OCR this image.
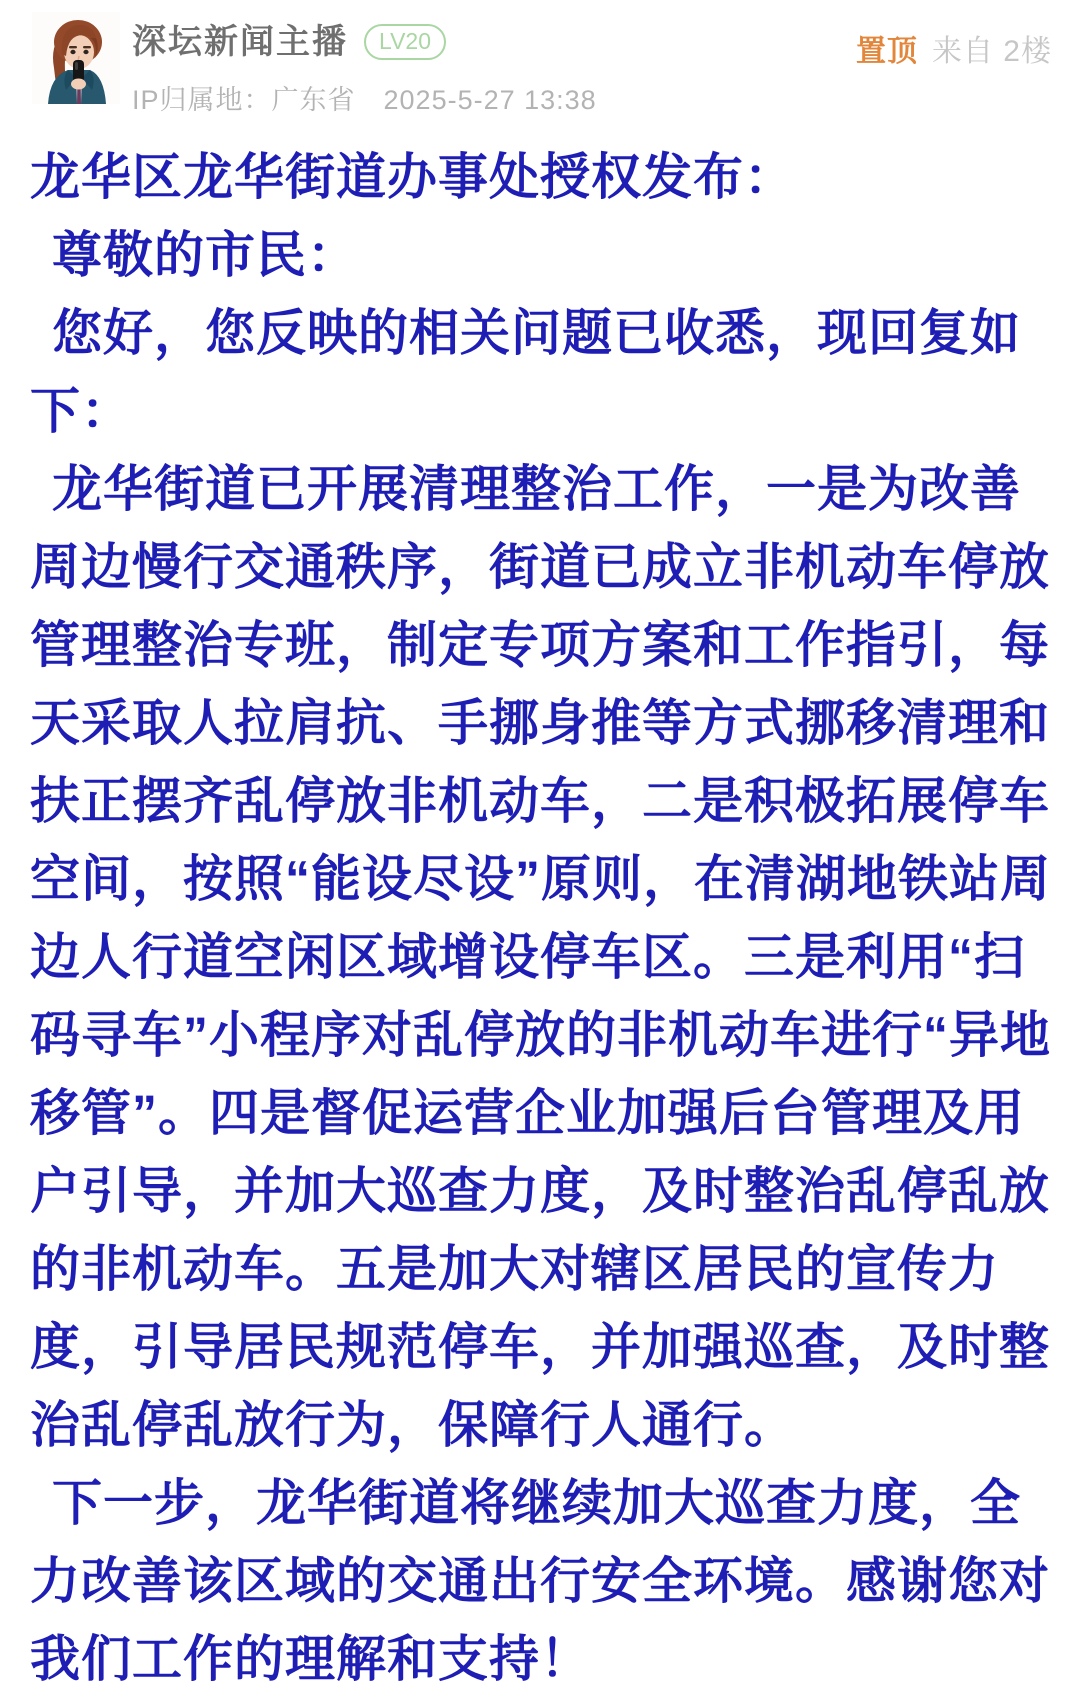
深坛新闻主播 LV20
IP归属地：广东省 2025-5-27 13:38
置顶 来自 2楼

龙华区龙华街道办事处授权发布：

尊敬的市民：

您好，您反映的相关问题已收悉，现回复如下：

龙华街道已开展清理整治工作，一是为改善周边慢行交通秩序，街道已成立非机动车停放管理整治专班，制定专项方案和工作指引，每天采取人拉肩抗、手挪身推等方式挪移清理和扶正摆齐乱停放非机动车，二是积极拓展停车空间，按照“能设尽设”原则，在清湖地铁站周边人行道空闲区域增设停车区。三是利用“扫码寻车”小程序对乱停放的非机动车进行“异地移管”。四是督促运营企业加强后台管理及用户引导，并加大巡查力度，及时整治乱停乱放的非机动车。五是加大对辖区居民的宣传力度，引导居民规范停车，并加强巡查，及时整治乱停乱放行为，保障行人通行。

下一步，龙华街道将继续加大巡查力度，全力改善该区域的交通出行安全环境。感谢您对我们工作的理解和支持！
